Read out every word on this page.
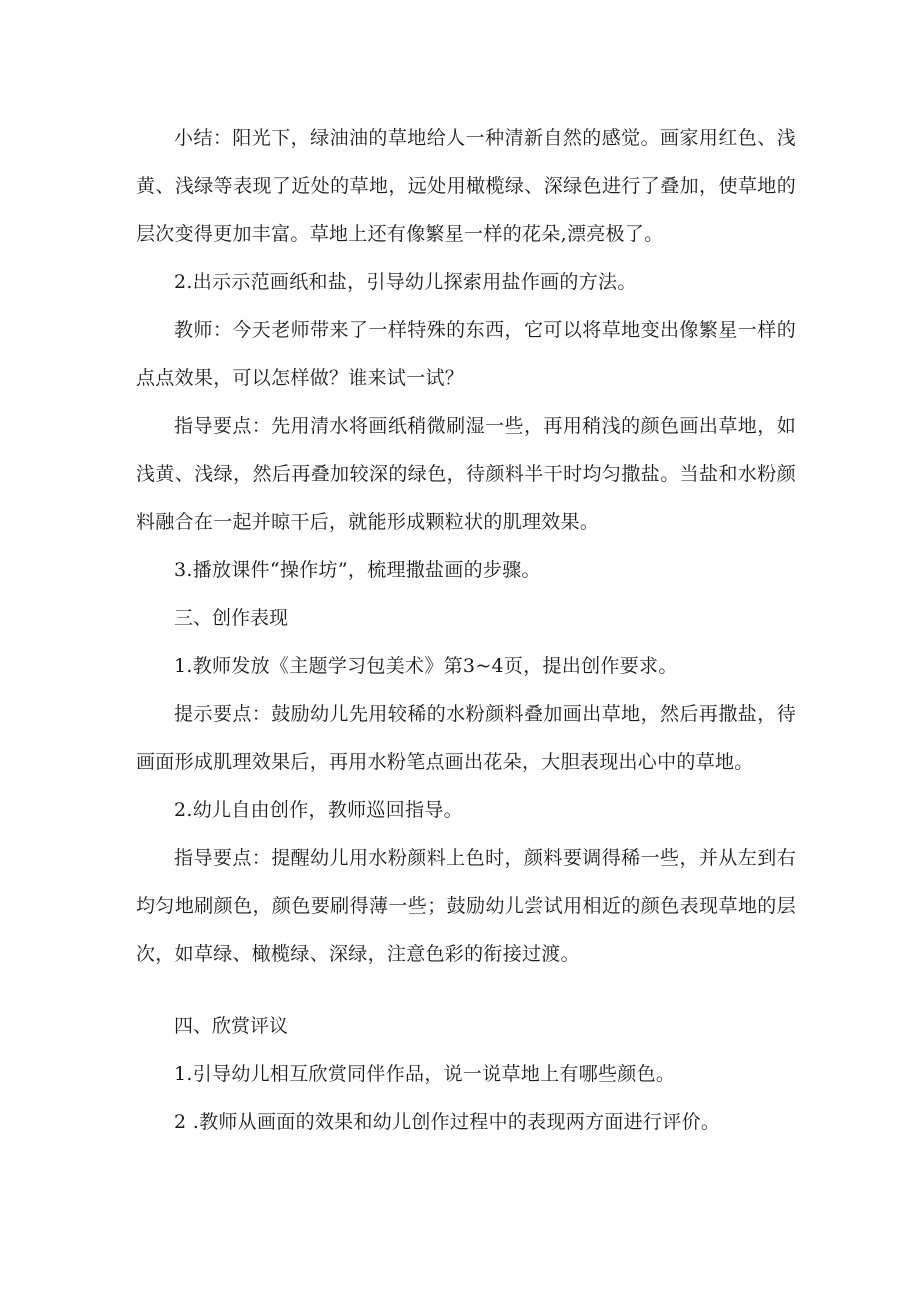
小结：阳光下，绿油油的草地给人一种清新自然的感觉。画家用红色、浅黄、浅绿等表现了近处的草地，远处用橄榄绿、深绿色进行了叠加，使草地的层次变得更加丰富。草地上还有像繁星一样的花朵,漂亮极了。

2.出示示范画纸和盐，引导幼儿探索用盐作画的方法。

教师：今天老师带来了一样特殊的东西，它可以将草地变出像繁星一样的点点效果，可以怎样做？谁来试一试？

指导要点：先用清水将画纸稍微刷湿一些，再用稍浅的颜色画出草地，如浅黄、浅绿，然后再叠加较深的绿色，待颜料半干时均匀撒盐。当盐和水粉颜料融合在一起并晾干后，就能形成颗粒状的肌理效果。

3.播放课件“操作坊”，梳理撒盐画的步骤。

三、创作表现

1.教师发放《主题学习包美术》第3~4页，提出创作要求。

提示要点：鼓励幼儿先用较稀的水粉颜料叠加画出草地，然后再撒盐，待画面形成肌理效果后，再用水粉笔点画出花朵，大胆表现出心中的草地。

2.幼儿自由创作，教师巡回指导。

指导要点：提醒幼儿用水粉颜料上色时，颜料要调得稀一些，并从左到右均匀地刷颜色，颜色要刷得薄一些；鼓励幼儿尝试用相近的颜色表现草地的层次，如草绿、橄榄绿、深绿，注意色彩的衔接过渡。

四、欣赏评议

1.引导幼儿相互欣赏同伴作品，说一说草地上有哪些颜色。

2 .教师从画面的效果和幼儿创作过程中的表现两方面进行评价。
